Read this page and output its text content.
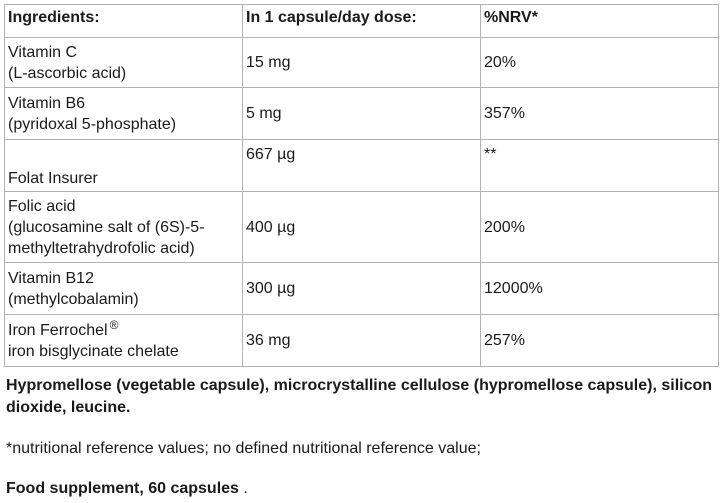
Ingredients:	In 1 capsule/day dose:	%NRV*

Vitamin C
(L-ascorbic acid)	15 mg	20%

Vitamin B6
(pyridoxal 5-phosphate)	5 mg	357%

Folat Insurer	667 µg	**

Folic acid
(glucosamine salt of (6S)-5-
methyltetrahydrofolic acid)	400 µg	200%

Vitamin B12
(methylcobalamin)	300 µg	12000%

Iron Ferrochel ®
iron bisglycinate chelate	36 mg	257%
Hypromellose (vegetable capsule), microcrystalline cellulose (hypromellose capsule), silicon dioxide, leucine.
*nutritional reference values; no defined nutritional reference value;
Food supplement, 60 capsules .
